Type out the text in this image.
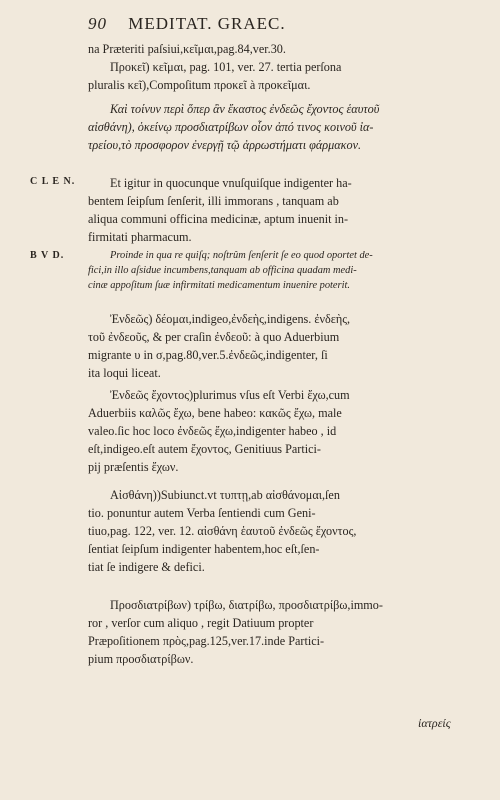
90 MEDITAT. GRAEC.
na Præteriti paſsiui,κεῖμαι,pag.84,ver.30.
Προκεῖ) κεῖμαι, pag. 101, ver. 27. tertia perſona
pluralis κεῖ),Compoſitum προκεῖ à προκεῖμαι.
Καὶ τοίνυν περὶ ὅπερ ἂν ἕκαστος ἐνδεῶς ἔχοντος ἑαυτοῦ
αἰσθάνη), ὁκείνῳ προσδιατρίβων οἷον ἀπό τινος κοινοῦ ἰα-
τρείου,τὸ προσφορον ἐνεργῇ τῷ ἀρρωστήματι φάρμακον.
C L E N.	Et igitur in quocunque vnuſquiſque indigenter ha-
bentem ſeipſum ſenſerit, illi immorans , tanquam ab
aliqua communi officina medicinæ, aptum inuenit in-
firmitati pharmacum.
B V D.	Proinde in qua re quiſq; noſtrûm ſenſerit ſe eo quod oportet de-
fici,in illo aſsidue incumbens,tanquam ab officina quadam medi-
cinæ appoſitum ſuæ infirmitati medicamentum inuenire poterit.
Ἐνδεῶς) δέομαι,indigeo,ἐνδεὴς,indigens. ἐνδεὴς,
τοῦ ἐνδεοῦς, & per craſin ἐνδεοῦ: à quo Aduerbium
migrante υ in σ,pag.80,ver.5.ἐνδεῶς,indigenter, ſi
ita loqui liceat.
Ἐνδεῶς ἔχοντος)plurimus vſus eſt Verbi ἔχω,cum
Aduerbiis καλῶς ἔχω, bene habeo: κακῶς ἔχω, male
valeo.ſic hoc loco ἐνδεῶς ἔχω,indigenter habeo , id
eſt,indigeo.eſt autem ἔχοντος, Genitiuus Partici-
pij præſentis ἔχων.
Αἰσθάνη))Subiunct.vt τυπτῃ,ab αἰσθάνομαι,ſen
tio. ponuntur autem Verba ſentiendi cum Geni-
tiuo,pag. 122, ver. 12. αἰσθάνη ἑαυτοῦ ἐνδεῶς ἔχοντος,
ſentiat ſeipſum indigenter habentem,hoc eſt,ſen-
tiat ſe indigere & defici.
Προσδιατρίβων) τρίβω, διατρίβω, προσδιατρίβω,immo-
ror , verſor cum aliquo , regit Datiuum propter
Præpoſitionem πρὸς,pag.125,ver.17.inde Partici-
pium προσδιατρίβων.
ἰατρείς
